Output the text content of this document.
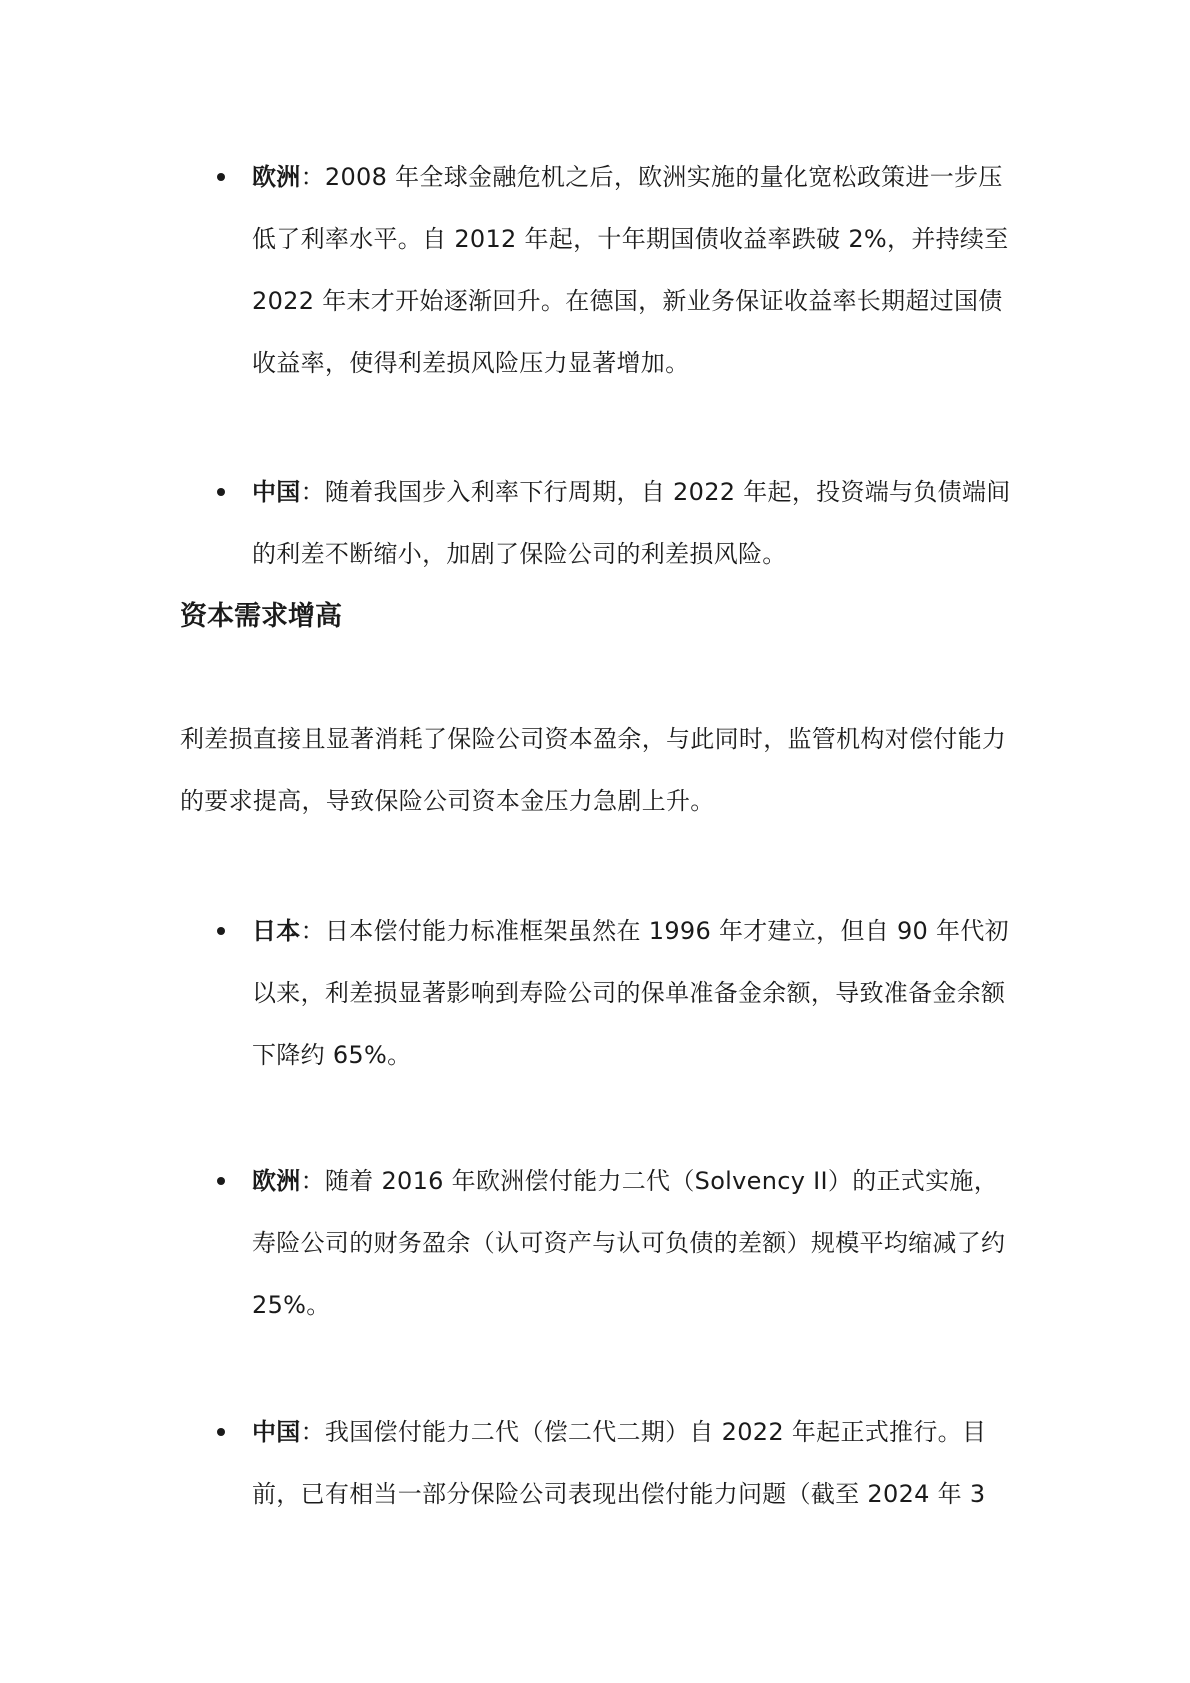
欧洲：2008 年全球金融危机之后，欧洲实施的量化宽松政策进一步压低了利率水平。自 2012 年起，十年期国债收益率跌破 2%，并持续至 2022 年末才开始逐渐回升。在德国，新业务保证收益率长期超过国债收益率，使得利差损风险压力显著增加。
中国：随着我国步入利率下行周期，自 2022 年起，投资端与负债端间的利差不断缩小，加剧了保险公司的利差损风险。
资本需求增高

利差损直接且显著消耗了保险公司资本盈余，与此同时，监管机构对偿付能力的要求提高，导致保险公司资本金压力急剧上升。

日本：日本偿付能力标准框架虽然在 1996 年才建立，但自 90 年代初以来，利差损显著影响到寿险公司的保单准备金余额，导致准备金余额下降约 65%。
欧洲：随着 2016 年欧洲偿付能力二代（Solvency II）的正式实施，寿险公司的财务盈余（认可资产与认可负债的差额）规模平均缩减了约 25%。
中国：我国偿付能力二代（偿二代二期）自 2022 年起正式推行。目前，已有相当一部分保险公司表现出偿付能力问题（截至 2024 年 3
